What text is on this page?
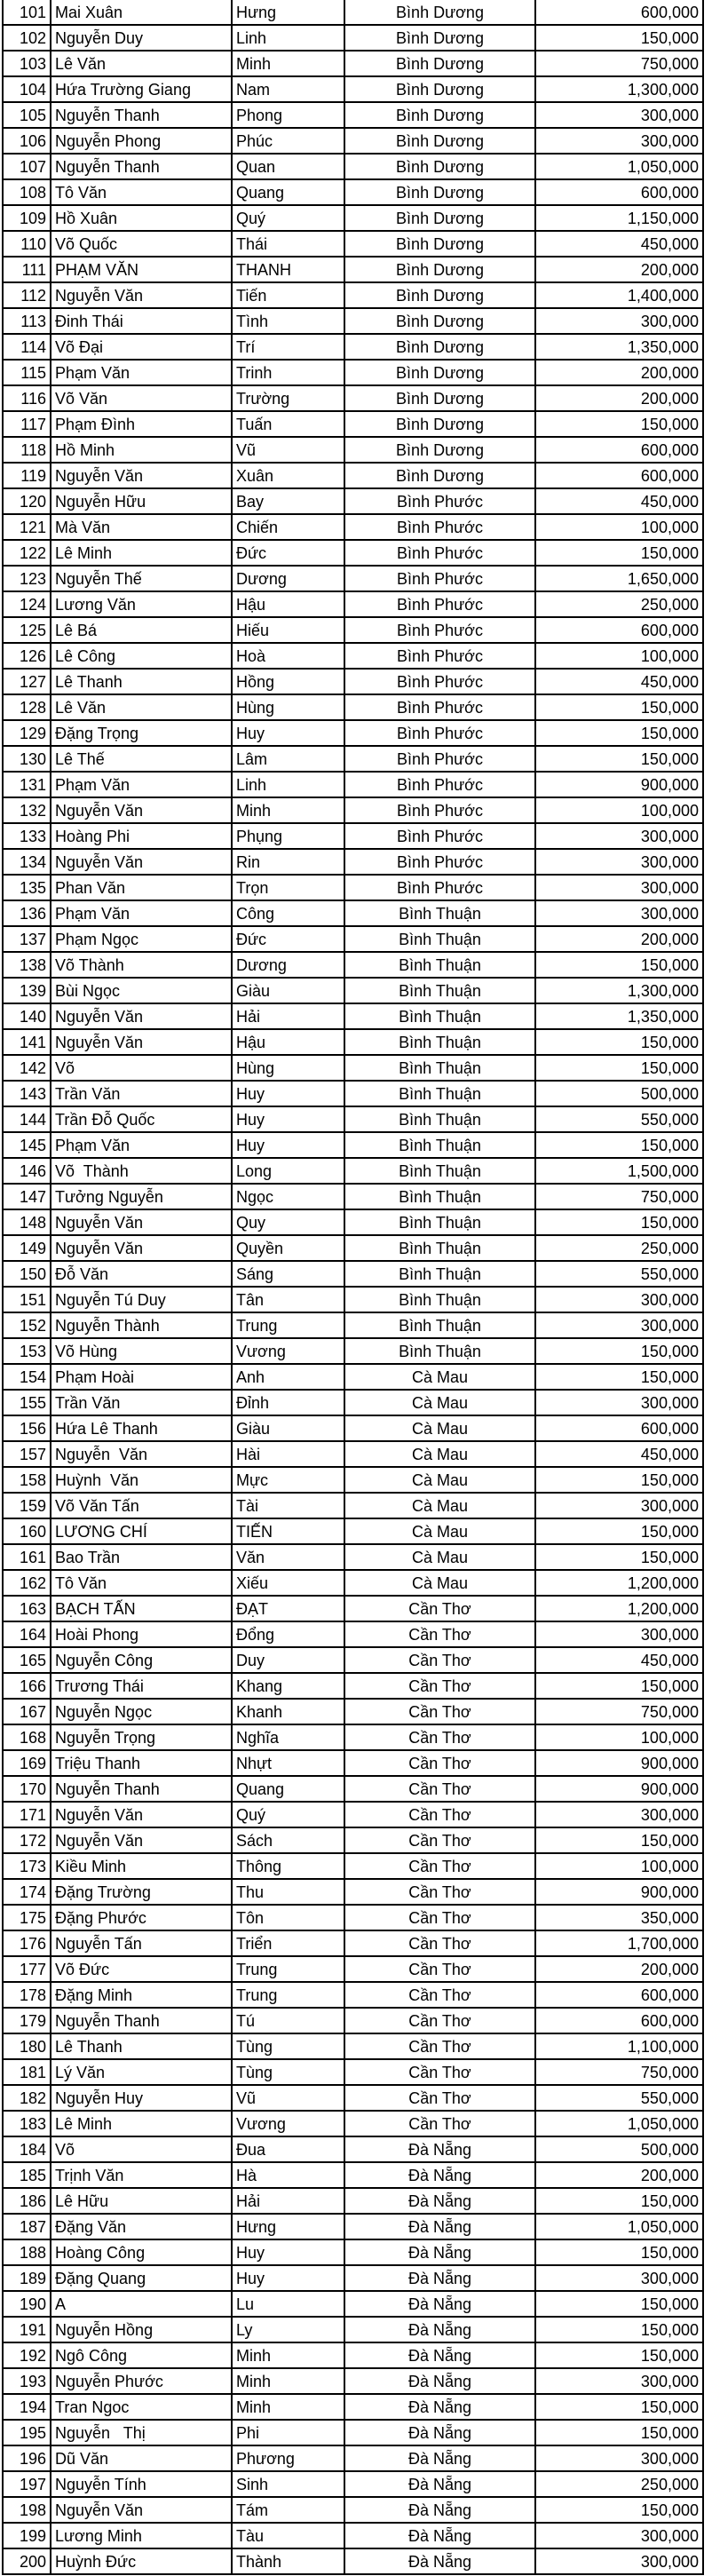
101	Mai Xuân	Hưng	Bình Dương	600,000
102	Nguyễn Duy	Linh	Bình Dương	150,000
103	Lê Văn	Minh	Bình Dương	750,000
104	Hứa Trường Giang	Nam	Bình Dương	1,300,000
105	Nguyễn Thanh	Phong	Bình Dương	300,000
106	Nguyễn Phong	Phúc	Bình Dương	300,000
107	Nguyễn Thanh	Quan	Bình Dương	1,050,000
108	Tô Văn	Quang	Bình Dương	600,000
109	Hồ Xuân	Quý	Bình Dương	1,150,000
110	Võ Quốc	Thái	Bình Dương	450,000
111	PHẠM VĂN	THANH	Bình Dương	200,000
112	Nguyễn Văn	Tiến	Bình Dương	1,400,000
113	Đinh Thái	Tình	Bình Dương	300,000
114	Võ Đại	Trí	Bình Dương	1,350,000
115	Phạm Văn	Trinh	Bình Dương	200,000
116	Võ Văn	Trường	Bình Dương	200,000
117	Phạm Đình	Tuấn	Bình Dương	150,000
118	Hồ Minh	Vũ	Bình Dương	600,000
119	Nguyễn Văn	Xuân	Bình Dương	600,000
120	Nguyễn Hữu	Bay	Bình Phước	450,000
121	Mà Văn	Chiến	Bình Phước	100,000
122	Lê Minh	Đức	Bình Phước	150,000
123	Nguyễn Thế	Dương	Bình Phước	1,650,000
124	Lương Văn	Hậu	Bình Phước	250,000
125	Lê Bá	Hiếu	Bình Phước	600,000
126	Lê Công	Hoà	Bình Phước	100,000
127	Lê Thanh	Hồng	Bình Phước	450,000
128	Lê Văn	Hùng	Bình Phước	150,000
129	Đặng Trọng	Huy	Bình Phước	150,000
130	Lê Thế	Lâm	Bình Phước	150,000
131	Phạm Văn	Linh	Bình Phước	900,000
132	Nguyễn Văn	Minh	Bình Phước	100,000
133	Hoàng Phi	Phụng	Bình Phước	300,000
134	Nguyễn Văn	Rin	Bình Phước	300,000
135	Phan Văn	Trọn	Bình Phước	300,000
136	Phạm Văn	Công	Bình Thuận	300,000
137	Phạm Ngọc	Đức	Bình Thuận	200,000
138	Võ Thành	Dương	Bình Thuận	150,000
139	Bùi Ngọc	Giàu	Bình Thuận	1,300,000
140	Nguyễn Văn	Hải	Bình Thuận	1,350,000
141	Nguyễn Văn	Hậu	Bình Thuận	150,000
142	Võ	Hùng	Bình Thuận	150,000
143	Trần Văn	Huy	Bình Thuận	500,000
144	Trần Đỗ Quốc	Huy	Bình Thuận	550,000
145	Phạm Văn	Huy	Bình Thuận	150,000
146	Võ  Thành	Long	Bình Thuận	1,500,000
147	Tưởng Nguyễn	Ngọc	Bình Thuận	750,000
148	Nguyễn Văn	Quy	Bình Thuận	150,000
149	Nguyễn Văn	Quyền	Bình Thuận	250,000
150	Đỗ Văn	Sáng	Bình Thuận	550,000
151	Nguyễn Tú Duy	Tân	Bình Thuận	300,000
152	Nguyễn Thành	Trung	Bình Thuận	300,000
153	Võ Hùng	Vương	Bình Thuận	150,000
154	Phạm Hoài	Anh	Cà Mau	150,000
155	Trần Văn	Đỉnh	Cà Mau	300,000
156	Hứa Lê Thanh	Giàu	Cà Mau	600,000
157	Nguyễn  Văn	Hài	Cà Mau	450,000
158	Huỳnh  Văn	Mực	Cà Mau	150,000
159	Võ Văn Tấn	Tài	Cà Mau	300,000
160	LƯƠNG CHÍ	TIẾN	Cà Mau	150,000
161	Bao Trần	Văn	Cà Mau	150,000
162	Tô Văn	Xiếu	Cà Mau	1,200,000
163	BẠCH TẤN	ĐẠT	Cần Thơ	1,200,000
164	Hoài Phong	Đổng	Cần Thơ	300,000
165	Nguyễn Công	Duy	Cần Thơ	450,000
166	Trương Thái	Khang	Cần Thơ	150,000
167	Nguyễn Ngọc	Khanh	Cần Thơ	750,000
168	Nguyễn Trọng	Nghĩa	Cần Thơ	100,000
169	Triệu Thanh	Nhựt	Cần Thơ	900,000
170	Nguyễn Thanh	Quang	Cần Thơ	900,000
171	Nguyễn Văn	Quý	Cần Thơ	300,000
172	Nguyễn Văn	Sách	Cần Thơ	150,000
173	Kiều Minh	Thông	Cần Thơ	100,000
174	Đặng Trường	Thu	Cần Thơ	900,000
175	Đặng Phước	Tôn	Cần Thơ	350,000
176	Nguyễn Tấn	Triển	Cần Thơ	1,700,000
177	Võ Đức	Trung	Cần Thơ	200,000
178	Đặng Minh	Trung	Cần Thơ	600,000
179	Nguyễn Thanh	Tú	Cần Thơ	600,000
180	Lê Thanh	Tùng	Cần Thơ	1,100,000
181	Lý Văn	Tùng	Cần Thơ	750,000
182	Nguyễn Huy	Vũ	Cần Thơ	550,000
183	Lê Minh	Vương	Cần Thơ	1,050,000
184	Võ	Đua	Đà Nẵng	500,000
185	Trịnh Văn	Hà	Đà Nẵng	200,000
186	Lê Hữu	Hải	Đà Nẵng	150,000
187	Đặng Văn	Hưng	Đà Nẵng	1,050,000
188	Hoàng Công	Huy	Đà Nẵng	150,000
189	Đặng Quang	Huy	Đà Nẵng	300,000
190	A	Lu	Đà Nẵng	150,000
191	Nguyễn Hồng	Ly	Đà Nẵng	150,000
192	Ngô Công	Minh	Đà Nẵng	150,000
193	Nguyễn Phước	Minh	Đà Nẵng	300,000
194	Tran Ngoc	Minh	Đà Nẵng	150,000
195	Nguyễn   Thị	Phi	Đà Nẵng	150,000
196	Dũ Văn	Phương	Đà Nẵng	300,000
197	Nguyễn Tính	Sinh	Đà Nẵng	250,000
198	Nguyễn Văn	Tám	Đà Nẵng	150,000
199	Lương Minh	Tàu	Đà Nẵng	300,000
200	Huỳnh Đức	Thành	Đà Nẵng	300,000
